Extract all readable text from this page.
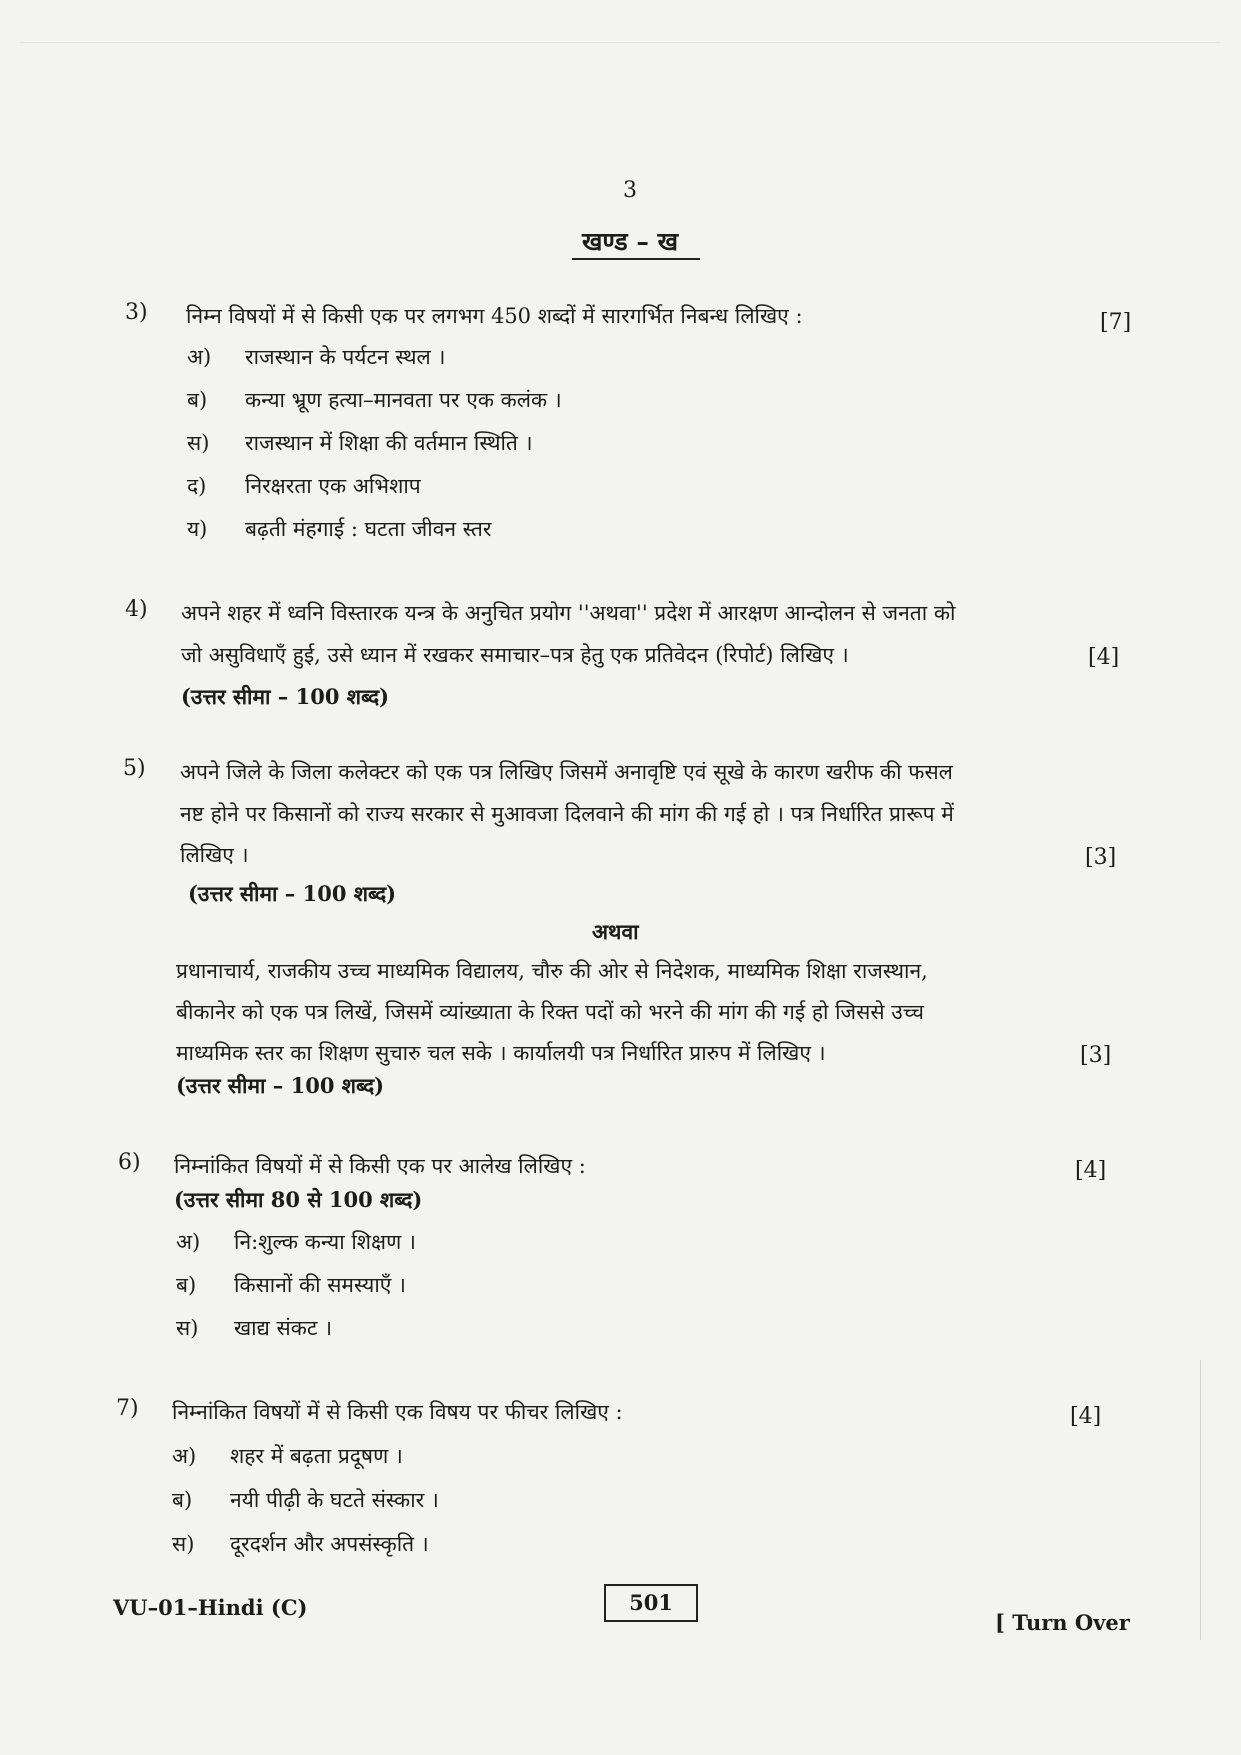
3
खण्ड – ख
3) निम्न विषयों में से किसी एक पर लगभग 450 शब्दों में सारगर्भित निबन्ध लिखिए :	[7]
अ) राजस्थान के पर्यटन स्थल ।
ब) कन्या भ्रूण हत्या–मानवता पर एक कलंक ।
स) राजस्थान में शिक्षा की वर्तमान स्थिति ।
द) निरक्षरता एक अभिशाप
य) बढ़ती मंहगाई : घटता जीवन स्तर
4) अपने शहर में ध्वनि विस्तारक यन्त्र के अनुचित प्रयोग ''अथवा'' प्रदेश में आरक्षण आन्दोलन से जनता को
जो असुविधाएँ हुई, उसे ध्यान में रखकर समाचार–पत्र हेतु एक प्रतिवेदन (रिपोर्ट) लिखिए ।	[4]
(उत्तर सीमा – 100 शब्द)
5) अपने जिले के जिला कलेक्टर को एक पत्र लिखिए जिसमें अनावृष्टि एवं सूखे के कारण खरीफ की फसल
नष्ट होने पर किसानों को राज्य सरकार से मुआवजा दिलवाने की मांग की गई हो । पत्र निर्धारित प्रारूप में
लिखिए ।	[3]
(उत्तर सीमा – 100 शब्द)
अथवा
प्रधानाचार्य, राजकीय उच्च माध्यमिक विद्यालय, चौरु की ओर से निदेशक, माध्यमिक शिक्षा राजस्थान,
बीकानेर को एक पत्र लिखें, जिसमें व्यांख्याता के रिक्त पदों को भरने की मांग की गई हो जिससे उच्च
माध्यमिक स्तर का शिक्षण सुचारु चल सके । कार्यालयी पत्र निर्धारित प्रारुप में लिखिए ।	[3]
(उत्तर सीमा – 100 शब्द)
6) निम्नांकित विषयों में से किसी एक पर आलेख लिखिए :	[4]
(उत्तर सीमा 80 से 100 शब्द)
अ) नि:शुल्क कन्या शिक्षण ।
ब) किसानों की समस्याएँ ।
स) खाद्य संकट ।
7) निम्नांकित विषयों में से किसी एक विषय पर फीचर लिखिए :	[4]
अ) शहर में बढ़ता प्रदूषण ।
ब) नयी पीढ़ी के घटते संस्कार ।
स) दूरदर्शन और अपसंस्कृति ।
VU–01–Hindi (C)	501
[ Turn Over
